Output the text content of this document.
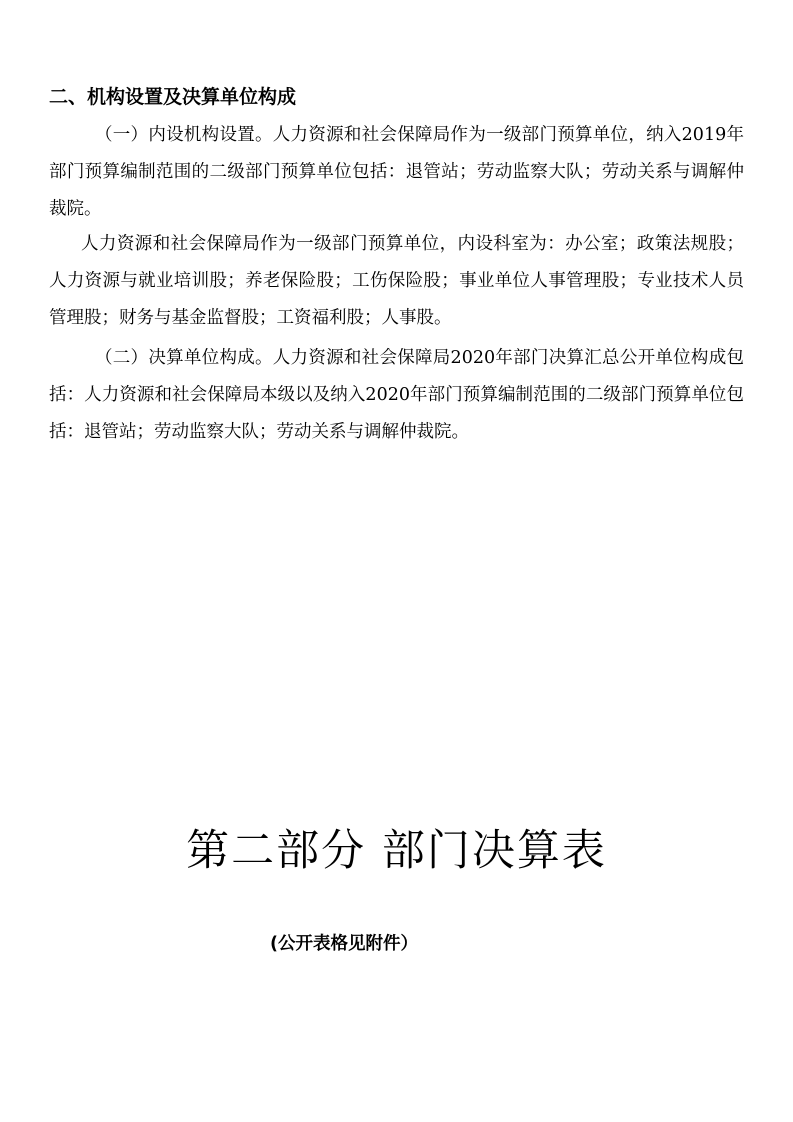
二、机构设置及决算单位构成
（一）内设机构设置。人力资源和社会保障局作为一级部门预算单位，纳入2019年部门预算编制范围的二级部门预算单位包括：退管站；劳动监察大队；劳动关系与调解仲裁院。
人力资源和社会保障局作为一级部门预算单位，内设科室为：办公室；政策法规股；人力资源与就业培训股；养老保险股；工伤保险股；事业单位人事管理股；专业技术人员管理股；财务与基金监督股；工资福利股；人事股。
（二）决算单位构成。人力资源和社会保障局2020年部门决算汇总公开单位构成包括：人力资源和社会保障局本级以及纳入2020年部门预算编制范围的二级部门预算单位包括：退管站；劳动监察大队；劳动关系与调解仲裁院。
第二部分 部门决算表
(公开表格见附件）
